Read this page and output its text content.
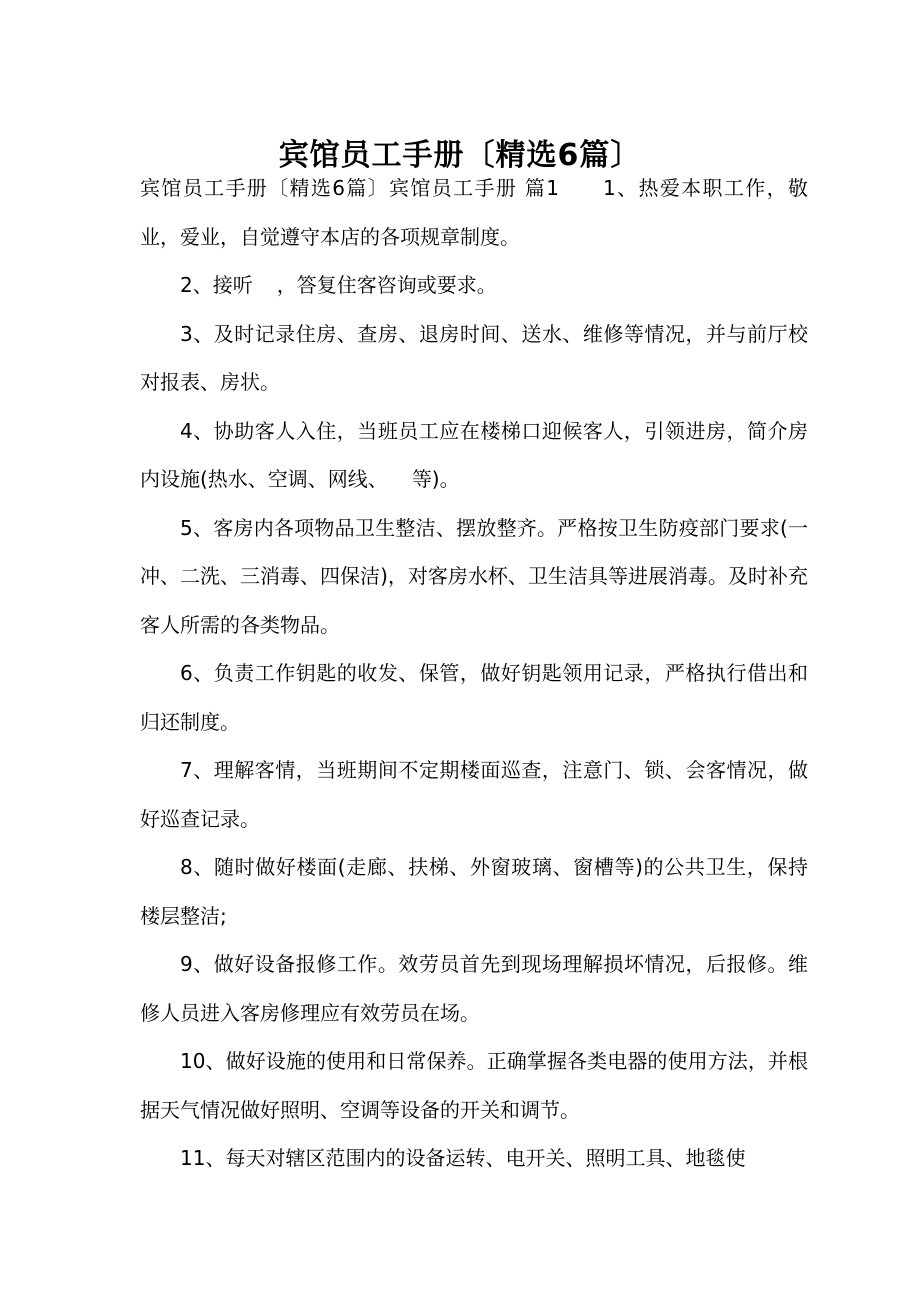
宾馆员工手册〔精选6篇〕

宾馆员工手册〔精选6篇〕宾馆员工手册 篇1 1、热爱本职工作，敬业，爱业，自觉遵守本店的各项规章制度。

2、接听 ，答复住客咨询或要求。

3、及时记录住房、查房、退房时间、送水、维修等情况，并与前厅校对报表、房状。

4、协助客人入住，当班员工应在楼梯口迎候客人，引领进房，简介房内设施(热水、空调、网线、 等)。

5、客房内各项物品卫生整洁、摆放整齐。严格按卫生防疫部门要求(一冲、二洗、三消毒、四保洁)，对客房水杯、卫生洁具等进展消毒。及时补充客人所需的各类物品。

6、负责工作钥匙的收发、保管，做好钥匙领用记录，严格执行借出和归还制度。

7、理解客情，当班期间不定期楼面巡查，注意门、锁、会客情况，做好巡查记录。

8、随时做好楼面(走廊、扶梯、外窗玻璃、窗槽等)的公共卫生，保持楼层整洁;

9、做好设备报修工作。效劳员首先到现场理解损坏情况，后报修。维修人员进入客房修理应有效劳员在场。

10、做好设施的使用和日常保养。正确掌握各类电器的使用方法，并根据天气情况做好照明、空调等设备的开关和调节。

11、每天对辖区范围内的设备运转、电开关、照明工具、地毯使
